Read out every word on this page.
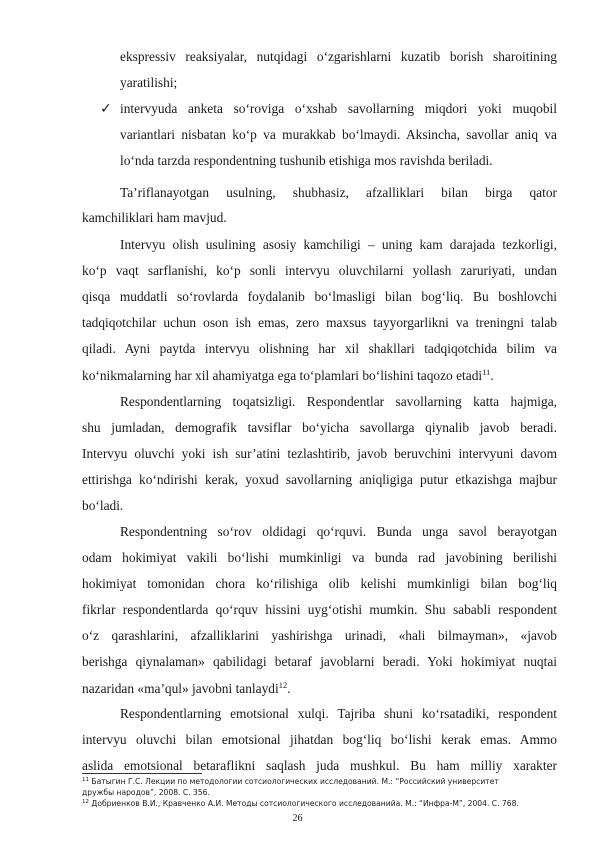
ekspressiv reaksiyalar, nutqidagi o‘zgarishlarni kuzatib borish sharoitining
yaratilishi;
✓ intervyuda anketa so‘roviga o‘xshab savollarning miqdori yoki muqobil
variantlari nisbatan ko‘p va murakkab bo‘lmaydi. Aksincha, savollar aniq va
lo‘nda tarzda respondentning tushunib etishiga mos ravishda beriladi.
Ta’riflanayotgan usulning, shubhasiz, afzalliklari bilan birga qator
kamchiliklari ham mavjud.
Intervyu olish usulining asosiy kamchiligi – uning kam darajada tezkorligi,
ko‘p vaqt sarflanishi, ko‘p sonli intervyu oluvchilarni yollash zaruriyati, undan
qisqa muddatli so‘rovlarda foydalanib bo‘lmasligi bilan bog‘liq. Bu boshlovchi
tadqiqotchilar uchun oson ish emas, zero maxsus tayyorgarlikni va treningni talab
qiladi. Ayni paytda intervyu olishning har xil shakllari tadqiqotchida bilim va
ko‘nikmalarning har xil ahamiyatga ega to‘plamlari bo‘lishini taqozo etadi$^{11}$.
Respondentlarning toqatsizligi. Respondentlar savollarning katta hajmiga,
shu jumladan, demografik tavsiflar bo‘yicha savollarga qiynalib javob beradi.
Intervyu oluvchi yoki ish sur’atini tezlashtirib, javob beruvchini intervyuni davom
ettirishga ko‘ndirishi kerak, yoxud savollarning aniqligiga putur etkazishga majbur
bo‘ladi.
Respondentning so‘rov oldidagi qo‘rquvi. Bunda unga savol berayotgan
odam hokimiyat vakili bo‘lishi mumkinligi va bunda rad javobining berilishi
hokimiyat tomonidan chora ko‘rilishiga olib kelishi mumkinligi bilan bog‘liq
fikrlar respondentlarda qo‘rquv hissini uyg‘otishi mumkin. Shu sababli respondent
o‘z qarashlarini, afzalliklarini yashirishga urinadi, «hali bilmayman», «javob
berishga qiynalaman» qabilidagi betaraf javoblarni beradi. Yoki hokimiyat nuqtai
nazaridan «ma’qul» javobni tanlaydi$^{12}$.
Respondentlarning emotsional xulqi. Tajriba shuni ko‘rsatadiki, respondent
intervyu oluvchi bilan emotsional jihatdan bog‘liq bo‘lishi kerak emas. Ammo
aslida emotsional betaraflikni saqlash juda mushkul. Bu ham milliy xarakter
$^{11}$ Батыгин Г.С. Лекции по методологии сотсиологических исследований. М.: “Российский университет
дружбы народов”, 2008. С. 356.
$^{12}$ Добриенков В.И., Кравченко А.И. Методы сотсиологического исследованийа. М.: “Инфра-М”, 2004. С. 768.
26
